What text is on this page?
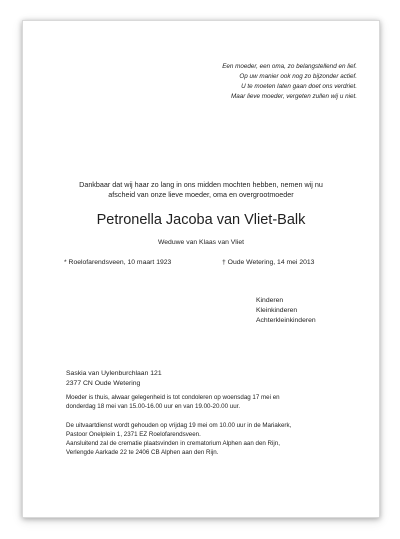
Een moeder, een oma, zo belangstellend en lief.
Op uw manier ook nog zo bijzonder actief.
U te moeten laten gaan doet ons verdriet.
Maar lieve moeder, vergeten zullen wij u niet.
Dankbaar dat wij haar zo lang in ons midden mochten hebben, nemen wij nu
afscheid van onze lieve moeder, oma en overgrootmoeder
Petronella Jacoba van Vliet-Balk
Weduwe van Klaas van Vliet
* Roelofarendsveen, 10 maart 1923	† Oude Wetering, 14 mei 2013
Kinderen
Kleinkinderen
Achterkleinkinderen
Saskia van Uylenburchlaan 121
2377 CN Oude Wetering
Moeder is thuis, alwaar gelegenheid is tot condoleren op woensdag 17 mei en
donderdag 18 mei van 15.00-16.00 uur en van 19.00-20.00 uur.
De uitvaartdienst wordt gehouden op vrijdag 19 mei om 10.00 uur in de Mariakerk,
Pastoor Onelplein 1, 2371 EZ Roelofarendsveen.
Aansluitend zal de crematie plaatsvinden in crematorium Alphen aan den Rijn,
Verlengde Aarkade 22 te 2406 CB Alphen aan den Rijn.
